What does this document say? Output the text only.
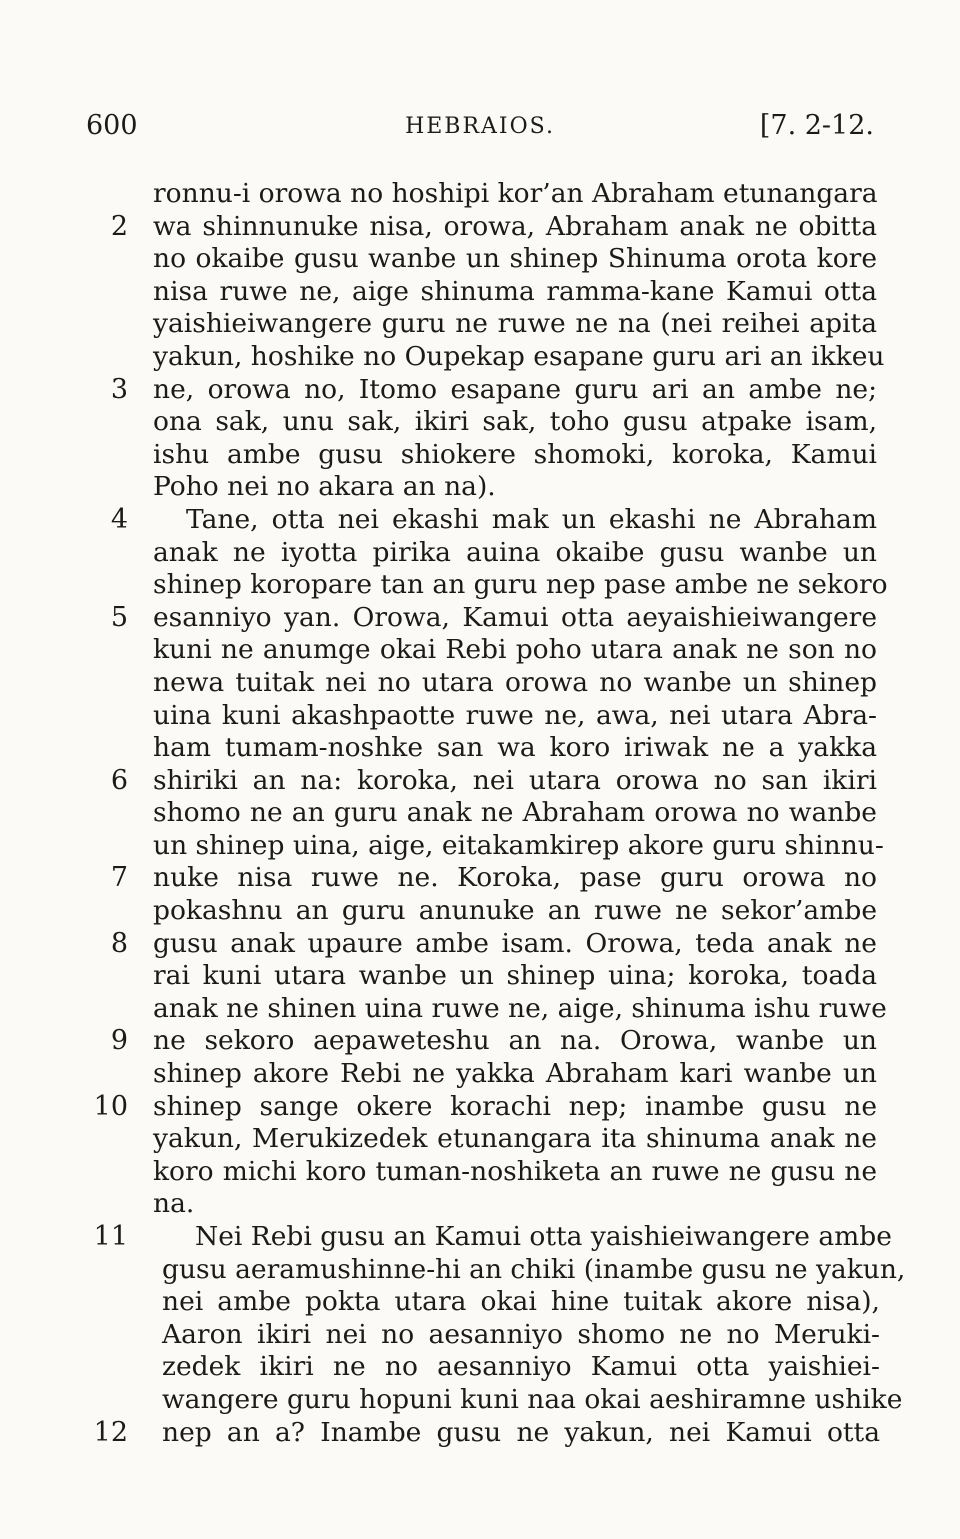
600	HEBRAIOS.	[7. 2-12.
ronnu-i orowa no hoshipi kor’an Abraham etunangara
2 wa shinnunuke nisa, orowa, Abraham anak ne obitta
no okaibe gusu wanbe un shinep Shinuma orota kore
nisa ruwe ne, aige shinuma ramma-kane Kamui otta
yaishieiwangere guru ne ruwe ne na (nei reihei apita
yakun, hoshike no Oupekap esapane guru ari an ikkeu
3 ne, orowa no, Itomo esapane guru ari an ambe ne;
ona sak, unu sak, ikiri sak, toho gusu atpake isam,
ishu ambe gusu shiokere shomoki, koroka, Kamui
Poho nei no akara an na).
4 Tane, otta nei ekashi mak un ekashi ne Abraham
anak ne iyotta pirika auina okaibe gusu wanbe un
shinep koropare tan an guru nep pase ambe ne sekoro
5 esanniyo yan. Orowa, Kamui otta aeyaishieiwangere
kuni ne anumge okai Rebi poho utara anak ne son no
newa tuitak nei no utara orowa no wanbe un shinep
uina kuni akashpaotte ruwe ne, awa, nei utara Abra-
ham tumam-noshke san wa koro iriwak ne a yakka
6 shiriki an na: koroka, nei utara orowa no san ikiri
shomo ne an guru anak ne Abraham orowa no wanbe
un shinep uina, aige, eitakamkirep akore guru shinnu-
7 nuke nisa ruwe ne. Koroka, pase guru orowa no
pokashnu an guru anunuke an ruwe ne sekor’ambe
8 gusu anak upaure ambe isam. Orowa, teda anak ne
rai kuni utara wanbe un shinep uina; koroka, toada
anak ne shinen uina ruwe ne, aige, shinuma ishu ruwe
9 ne sekoro aepaweteshu an na. Orowa, wanbe un
shinep akore Rebi ne yakka Abraham kari wanbe un
10 shinep sange okere korachi nep; inambe gusu ne
yakun, Merukizedek etunangara ita shinuma anak ne
koro michi koro tuman-noshiketa an ruwe ne gusu ne
na.
11	Nei Rebi gusu an Kamui otta yaishieiwangere ambe
gusu aeramushinne-hi an chiki (inambe gusu ne yakun,
nei ambe pokta utara okai hine tuitak akore nisa),
Aaron ikiri nei no aesanniyo shomo ne no Meruki-
zedek ikiri ne no aesanniyo Kamui otta yaishiei-
wangere guru hopuni kuni naa okai aeshiramne ushike
12 nep an a? Inambe gusu ne yakun, nei Kamui otta
